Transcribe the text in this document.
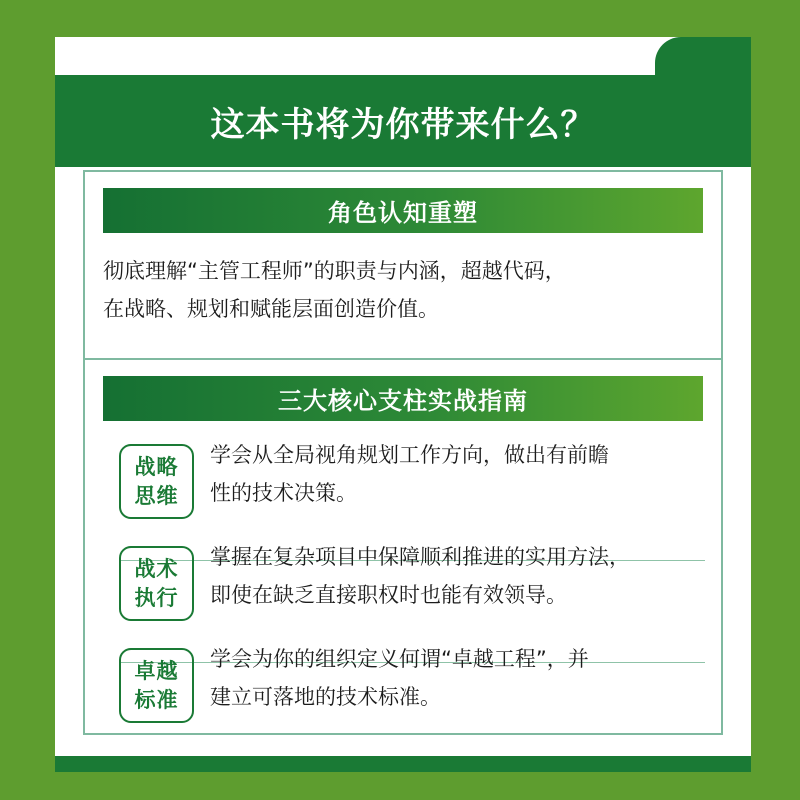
这本书将为你带来什么？
角色认知重塑

彻底理解“主管工程师”的职责与内涵，超越代码，
在战略、规划和赋能层面创造价值。

三大核心支柱实战指南
战略
思维

学会从全局视角规划工作方向，做出有前瞻
性的技术决策。

战术
执行

掌握在复杂项目中保障顺利推进的实用方法，
即使在缺乏直接职权时也能有效领导。

卓越
标准

学会为你的组织定义何谓“卓越工程”，并
建立可落地的技术标准。
